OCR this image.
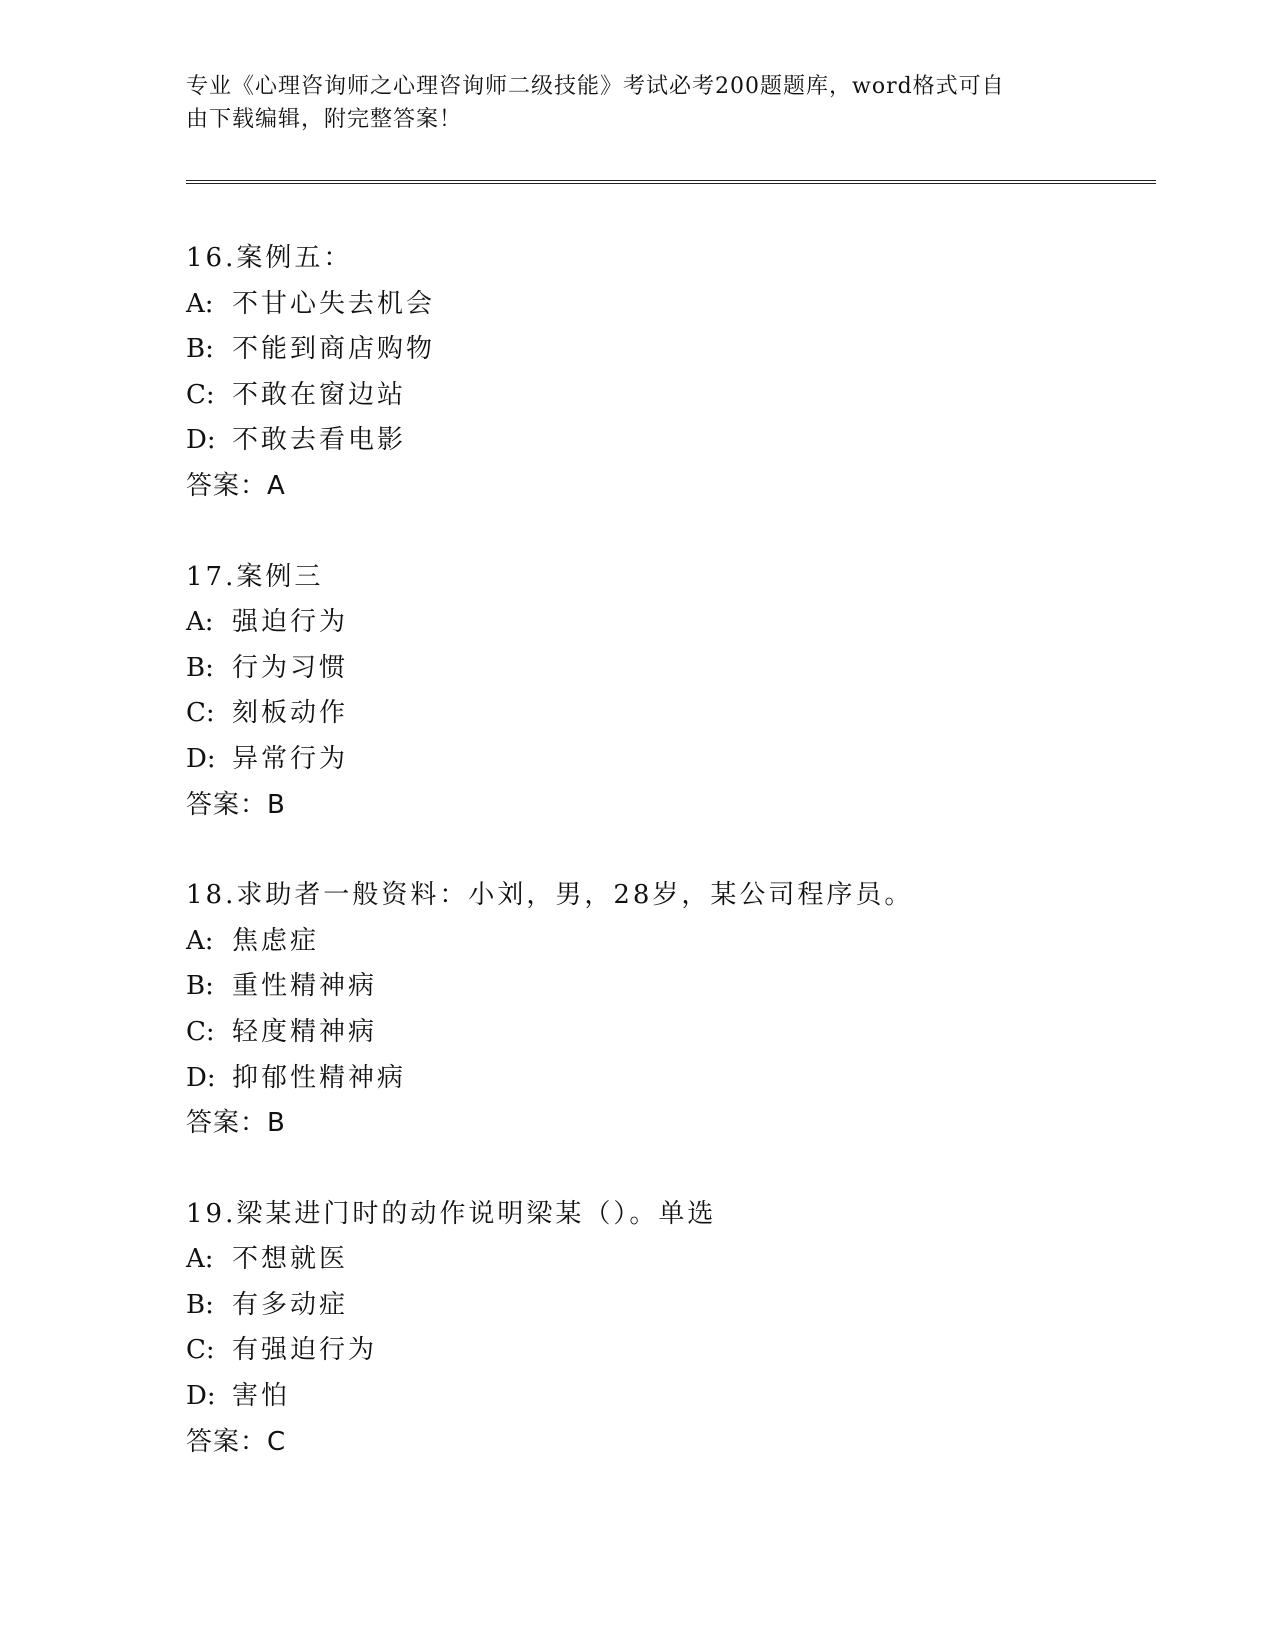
专业《心理咨询师之心理咨询师二级技能》考试必考200题题库，word格式可自
由下载编辑，附完整答案！
16.案例五：
A: 不甘心失去机会
B: 不能到商店购物
C: 不敢在窗边站
D: 不敢去看电影
答案：A
17.案例三
A: 强迫行为
B: 行为习惯
C: 刻板动作
D: 异常行为
答案：B
18.求助者一般资料：小刘，男，28岁，某公司程序员。
A: 焦虑症
B: 重性精神病
C: 轻度精神病
D: 抑郁性精神病
答案：B
19.梁某进门时的动作说明梁某（）。单选
A: 不想就医
B: 有多动症
C: 有强迫行为
D: 害怕
答案：C
